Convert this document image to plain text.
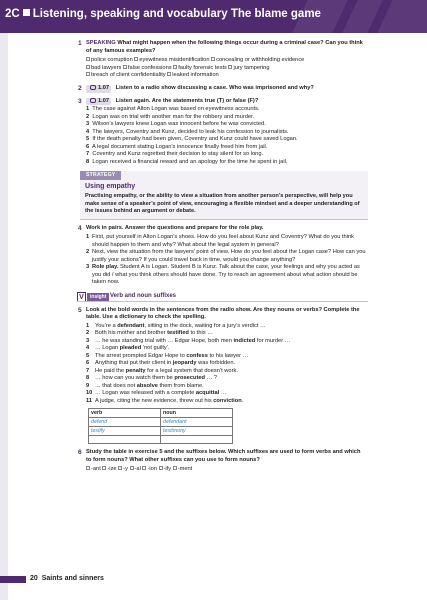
2C Listening, speaking and vocabulary The blame game
1 SPEAKING What might happen when the following things occur during a criminal case? Can you think of any famous examples?
police corruption eyewitness misidentification concealing or withholding evidence
bad lawyers false confessions faulty forensic tests jury tampering
breach of client confidentiality leaked information
2	1.07 Listen to a radio show discussing a case. Who was imprisoned and why?
3	1.07 Listen again. Are the statements true (T) or false (F)?
1 The case against Alton Logan was based on eyewitness accounts.
2 Logan was on trial with another man for the robbery and murder.
3 Wilson’s lawyers knew Logan was innocent before he was convicted.
4 The lawyers, Coventry and Kunz, decided to leak his confession to journalists.
5 If the death penalty had been given, Coventry and Kunz could have saved Logan.
6 A legal document stating Logan’s innocence finally freed him from jail.
7 Coventry and Kunz regretted their decision to stay silent for so long.
8 Logan received a financial reward and an apology for the time he spent in jail.
STRATEGY
Using empathy
Practising empathy, or the ability to view a situation from another person’s perspective, will help you make sense of a speaker’s point of view, encouraging a flexible mindset and a deeper understanding of the issues behind an argument or debate.
4 Work in pairs. Answer the questions and prepare for the role play.
1 First, put yourself in Alton Logan’s shoes. How do you feel about Kunz and Coventry? What do you think should happen to them and why? What about the legal system in general?
2 Next, view the situation from the lawyers’ point of view. How do you feel about the Logan case? How can you justify your actions? If you could travel back in time, would you change anything?
3 Role play. Student A is Logan. Student B is Kunz. Talk about the case, your feelings and why you acted as you did / what you think others should have done. Try to reach an agreement about what action should be taken now.
V	insight Verb and noun suffixes
5 Look at the bold words in the sentences from the radio show. Are they nouns or verbs? Complete the table. Use a dictionary to check the spelling.
1	You’re a defendant, sitting in the dock, waiting for a jury’s verdict …
2	Both his mother and brother testified to this …
3	… he was standing trial with … Edgar Hope, both men indicted for murder …
4	… Logan pleaded ‘not guilty’.
5	The arrest prompted Edgar Hope to confess to his lawyer …
6	Anything that put their client in jeopardy was forbidden.
7	He paid the penalty for a legal system that doesn’t work.
8	… how can you watch them be prosecuted … ?
9	… that does not absolve them from blame.
10 … Logan was released with a complete acquittal …
11 A judge, citing the new evidence, threw out his conviction.
verb	noun
defend	defendant
testify	testimony

6 Study the table in exercise 5 and the suffixes below. Which suffixes are used to form verbs and which to form nouns? What other suffixes can you use to form nouns?
-ant -ize -y -al -ion -ify -ment
20 Saints and sinners
